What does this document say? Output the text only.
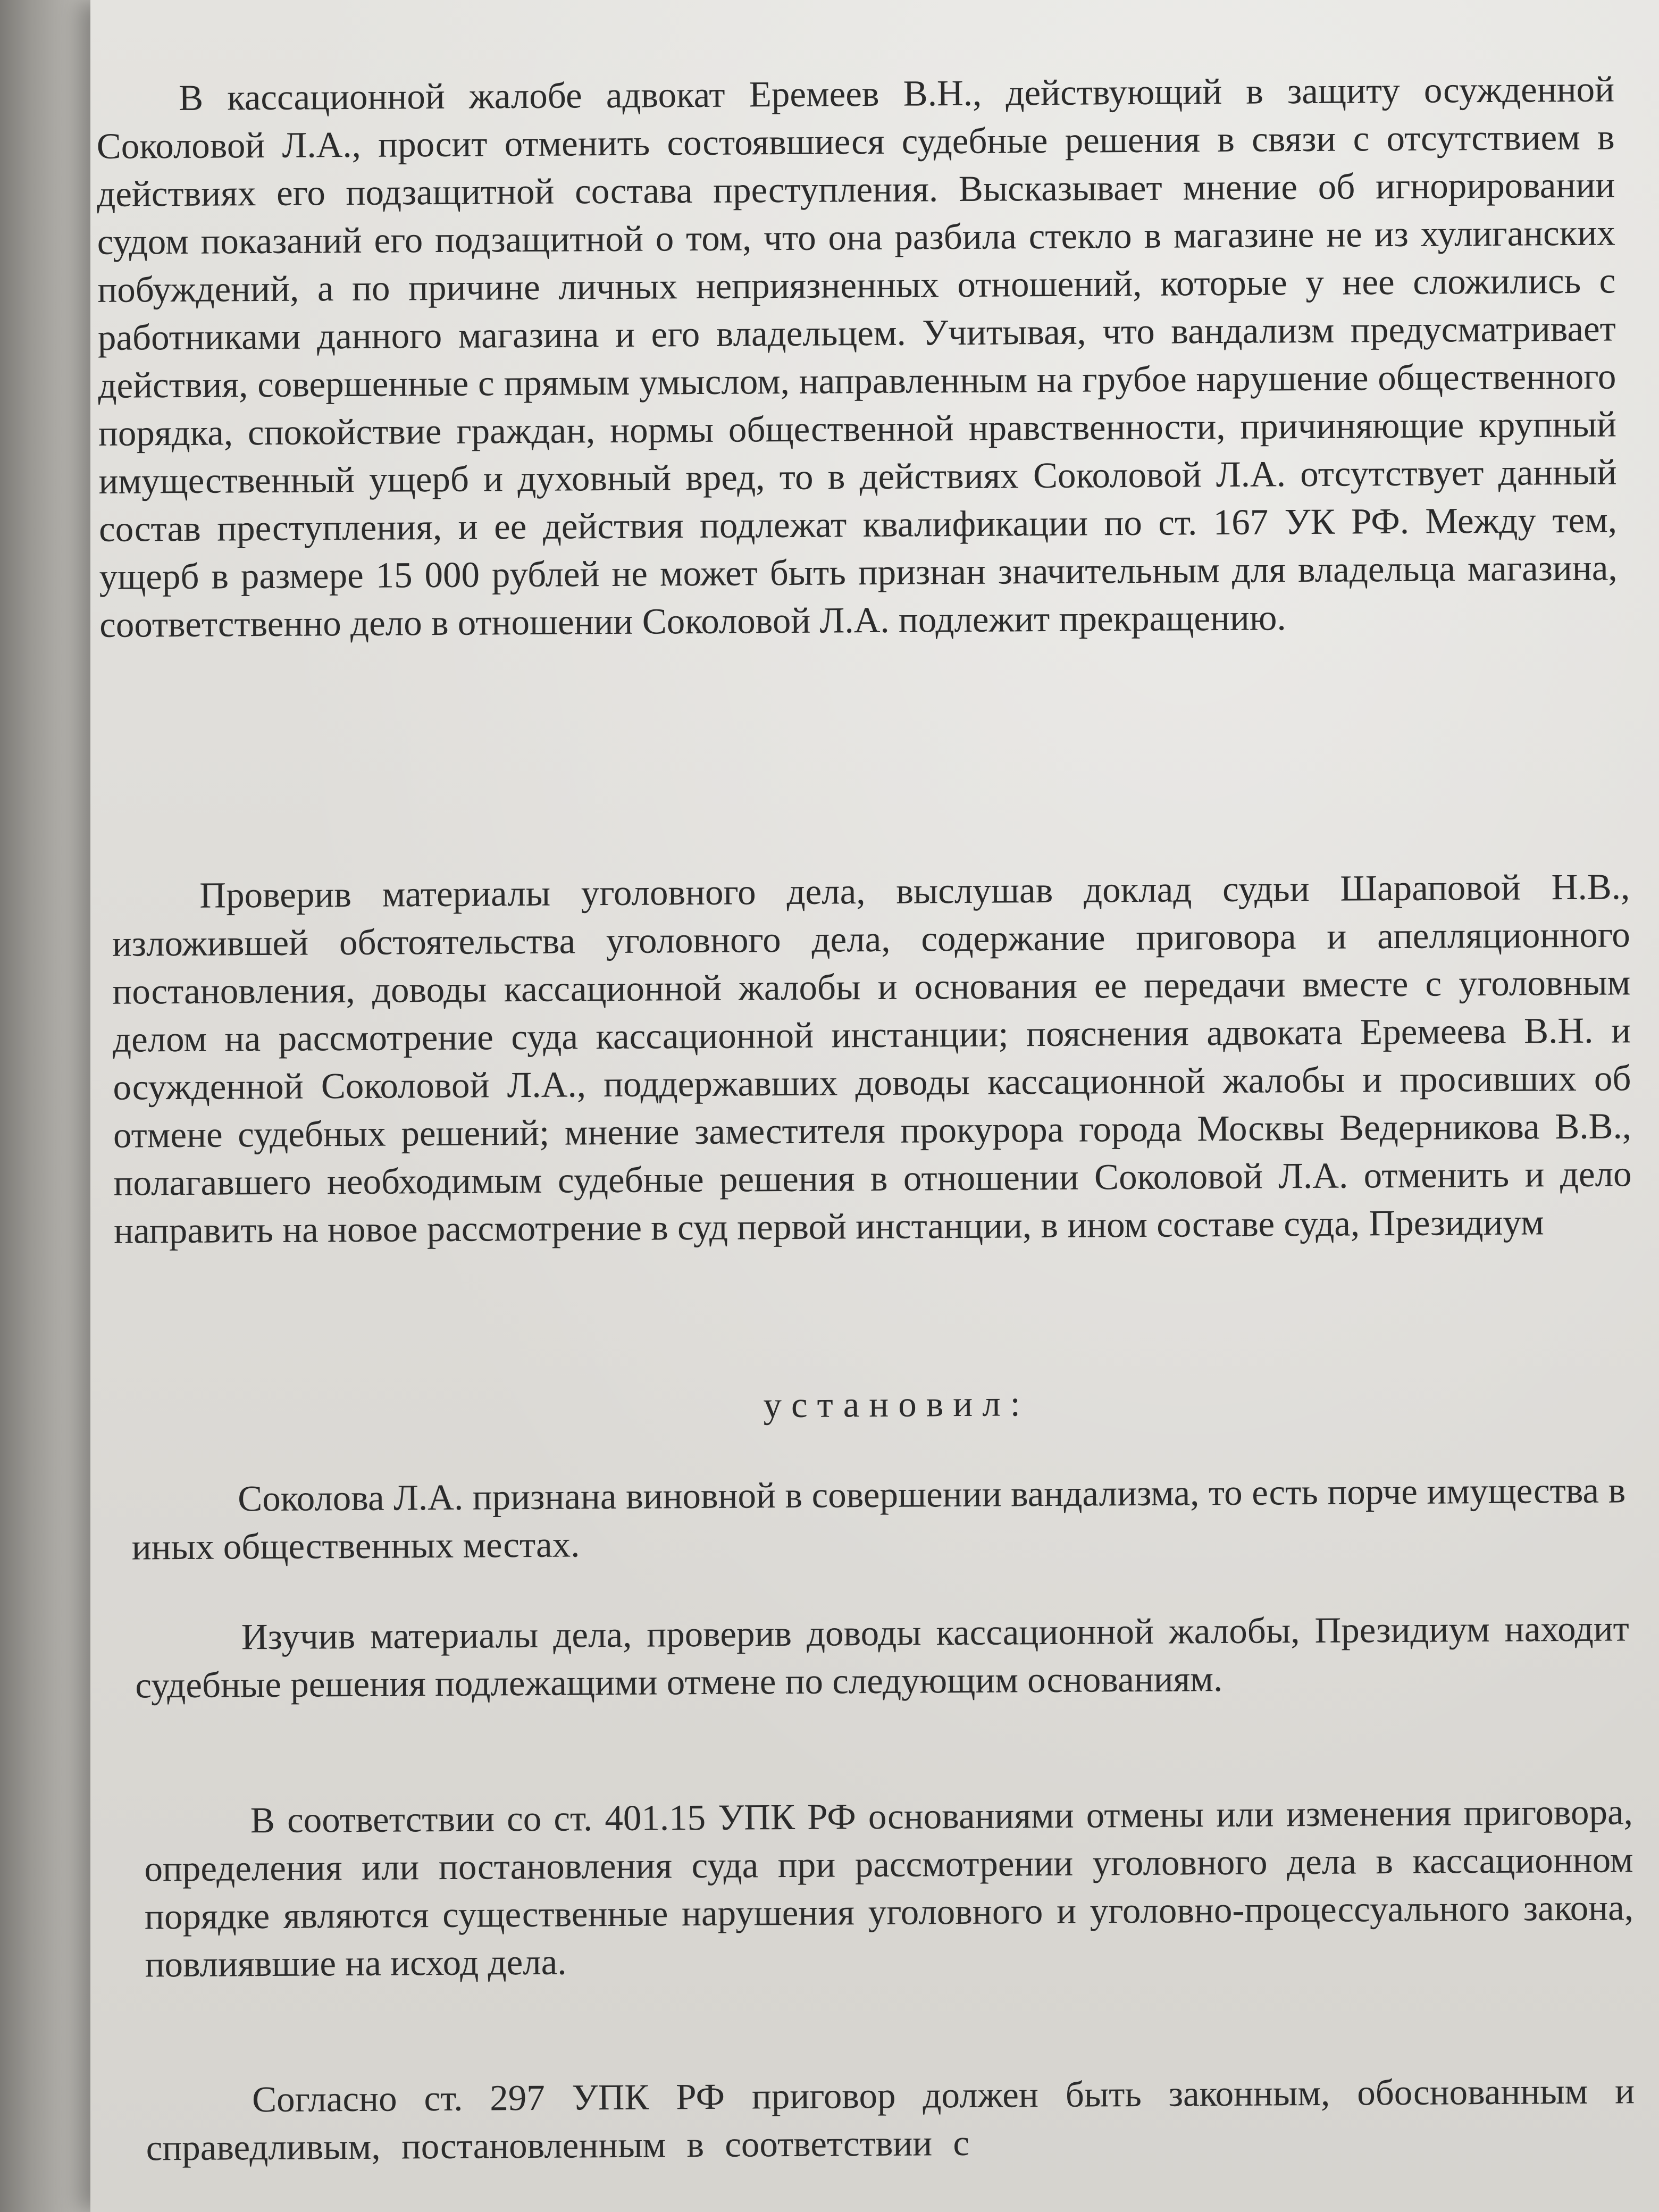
В кассационной жалобе адвокат Еремеев В.Н., действующий в защиту осужденной Соколовой Л.А., просит отменить состоявшиеся судебные решения в связи с отсутствием в действиях его подзащитной состава преступления. Высказывает мнение об игнорировании судом показаний его подзащитной о том, что она разбила стекло в магазине не из хулиганских побуждений, а по причине личных неприязненных отношений, которые у нее сложились с работниками данного магазина и его владельцем. Учитывая, что вандализм предусматривает действия, совершенные с прямым умыслом, направленным на грубое нарушение общественного порядка, спокойствие граждан, нормы общественной нравственности, причиняющие крупный имущественный ущерб и духовный вред, то в действиях Соколовой Л.А. отсутствует данный состав преступления, и ее действия подлежат квалификации по ст. 167 УК РФ. Между тем, ущерб в размере 15 000 рублей не может быть признан значительным для владельца магазина, соответственно дело в отношении Соколовой Л.А. подлежит прекращению.

Проверив материалы уголовного дела, выслушав доклад судьи Шараповой Н.В., изложившей обстоятельства уголовного дела, содержание приговора и апелляционного постановления, доводы кассационной жалобы и основания ее передачи вместе с уголовным делом на рассмотрение суда кассационной инстанции; пояснения адвоката Еремеева В.Н. и осужденной Соколовой Л.А., поддержавших доводы кассационной жалобы и просивших об отмене судебных решений; мнение заместителя прокурора города Москвы Ведерникова В.В., полагавшего необходимым судебные решения в отношении Соколовой Л.А. отменить и дело направить на новое рассмотрение в суд первой инстанции, в ином составе суда, Президиум

установил:

Соколова Л.А. признана виновной в совершении вандализма, то есть порче имущества в иных общественных местах.

Изучив материалы дела, проверив доводы кассационной жалобы, Президиум находит судебные решения подлежащими отмене по следующим основаниям.

В соответствии со ст. 401.15 УПК РФ основаниями отмены или изменения приговора, определения или постановления суда при рассмотрении уголовного дела в кассационном порядке являются существенные нарушения уголовного и уголовно-процессуального закона, повлиявшие на исход дела.

Согласно ст. 297 УПК РФ приговор должен быть законным, обоснованным и справедливым, постановленным в соответствии с
